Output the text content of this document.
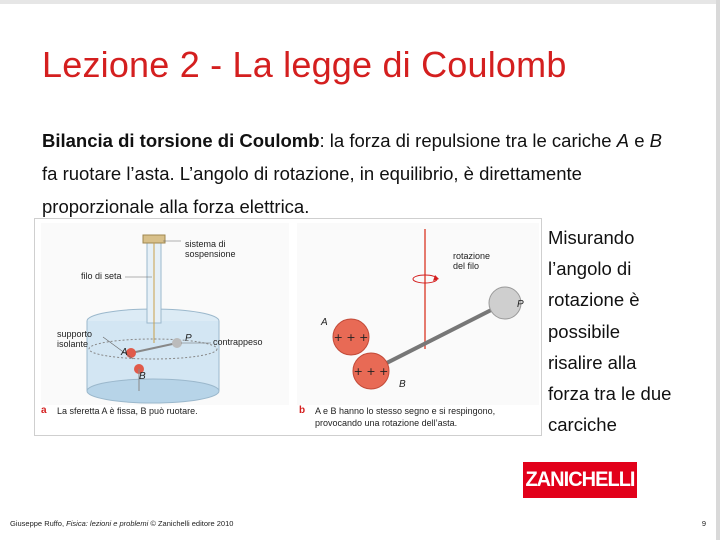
Lezione 2 - La legge di Coulomb
Bilancia di torsione di Coulomb: la forza di repulsione tra le cariche A e B fa ruotare l’asta. L’angolo di rotazione, in equilibrio, è direttamente proporzionale alla forza elettrica.
Misurando l’angolo di rotazione è possibile risalire alla forza tra le due carciche
+ + +
+ + +
sistema di sospensione
filo di seta
supporto isolante	contrappeso
rotazione del filo
P
A
B
A
B
P
a La sferetta A è fissa, B può ruotare.	b A e B hanno lo stesso segno e si respingono,
provocando una rotazione dell’asta.
ZANICHELLI
Giuseppe Ruffo, Fisica: lezioni e problemi © Zanichelli editore 2010	9
